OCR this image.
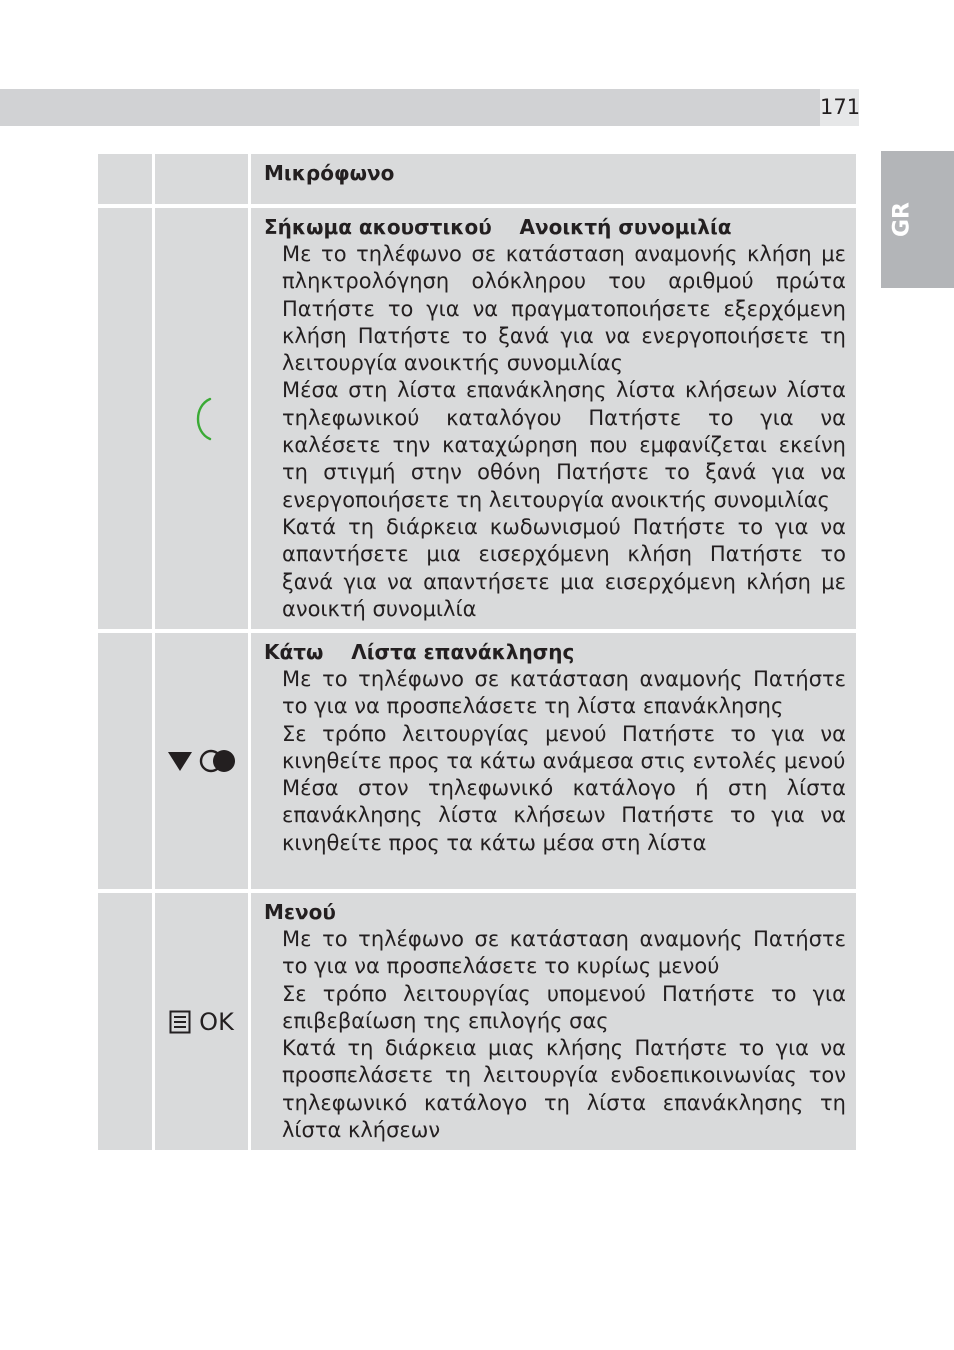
171
GR
Μικρόφωνο
Σήκωμα ακουστικού    Ανοικτή συνομιλία

Με το τηλέφωνο σε κατάσταση αναμονής κλήση με πληκτρολόγηση ολόκληρου του αριθμού πρώτα Πατήστε το για να πραγματοποιήσετε εξερχόμενη κλήση Πατήστε το ξανά για να ενεργοποιήσετε τη λειτουργία ανοικτής συνομιλίας

Μέσα στη λίστα επανάκλησης λίστα κλήσεων λίστα τηλεφωνικού καταλόγου Πατήστε το για να καλέσετε την καταχώρηση που εμφανίζεται εκείνη τη στιγμή στην οθόνη Πατήστε το ξανά για να ενεργοποιήσετε τη λειτουργία ανοικτής συνομιλίας

Κατά τη διάρκεια κωδωνισμού Πατήστε το για να απαντήσετε μια εισερχόμενη κλήση Πατήστε το ξανά για να απαντήσετε μια εισερχόμενη κλήση με ανοικτή συνομιλία

Κάτω    Λίστα επανάκλησης

Με το τηλέφωνο σε κατάσταση αναμονής Πατήστε το για να προσπελάσετε τη λίστα επανάκλησης

Σε τρόπο λειτουργίας μενού Πατήστε το για να κινηθείτε προς τα κάτω ανάμεσα στις εντολές μενού

Μέσα στον τηλεφωνικό κατάλογο ή στη λίστα επανάκλησης λίστα κλήσεων Πατήστε το για να κινηθείτε προς τα κάτω μέσα στη λίστα

OK
Μενού

Με το τηλέφωνο σε κατάσταση αναμονής Πατήστε το για να προσπελάσετε το κυρίως μενού

Σε τρόπο λειτουργίας υπομενού Πατήστε το για επιβεβαίωση της επιλογής σας

Κατά τη διάρκεια μιας κλήσης Πατήστε το για να προσπελάσετε τη λειτουργία ενδοεπικοινωνίας τον τηλεφωνικό κατάλογο τη λίστα επανάκλησης τη λίστα κλήσεων
